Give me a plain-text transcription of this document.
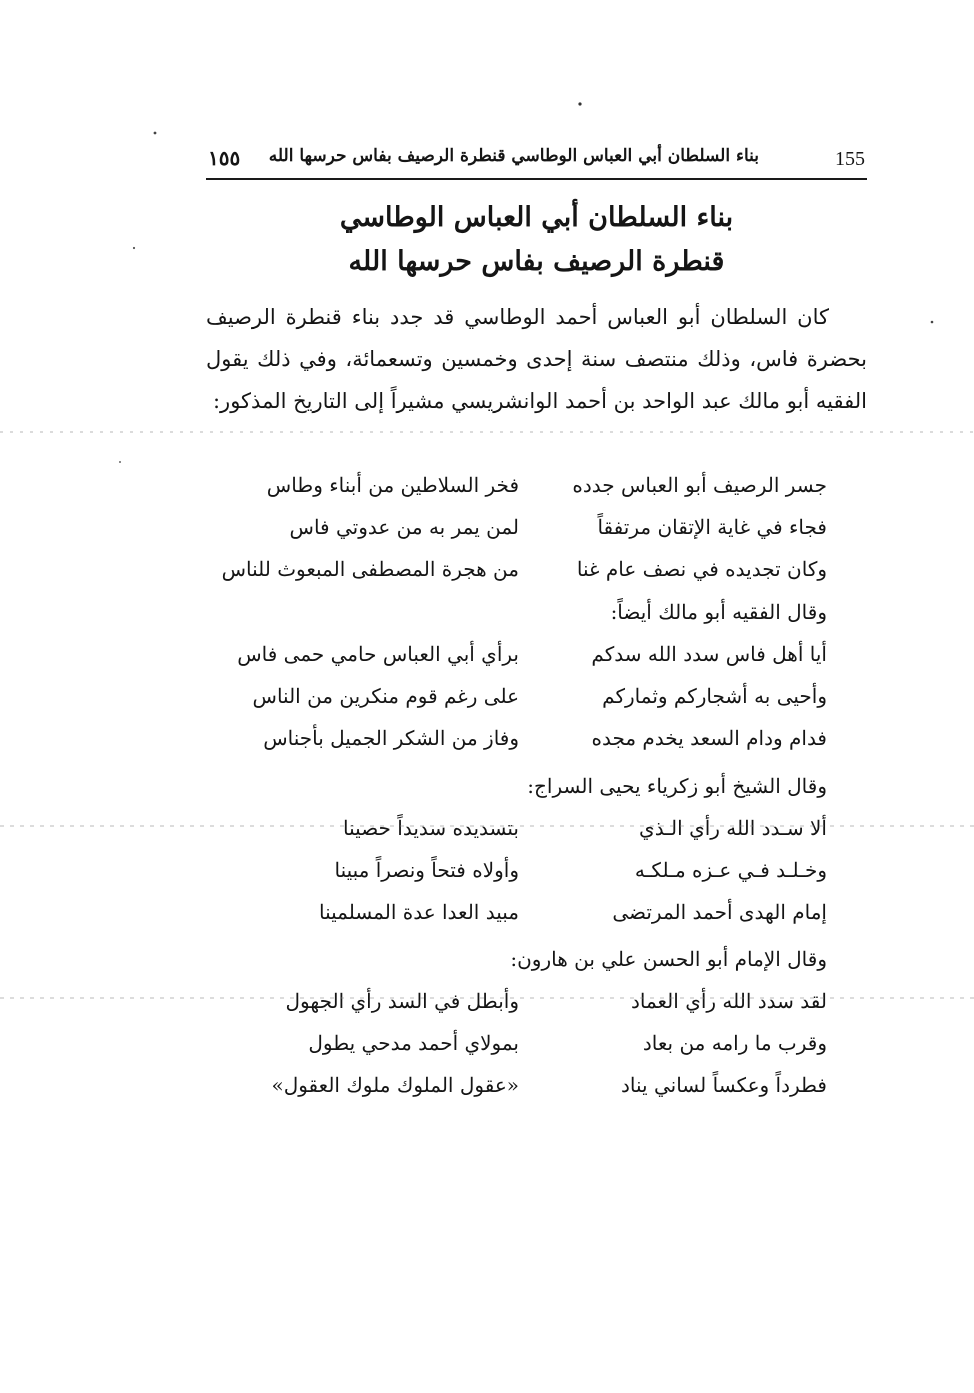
155
بناء السلطان أبي العباس الوطاسي قنطرة الرصيف بفاس حرسها الله
١٥٥
بناء السلطان أبي العباس الوطاسي
قنطرة الرصيف بفاس حرسها الله

كان السلطان أبو العباس أحمد الوطاسي قد جدد بناء قنطرة الرصيف بحضرة فاس، وذلك منتصف سنة إحدى وخمسين وتسعمائة، وفي ذلك يقول الفقيه أبو مالك عبد الواحد بن أحمد الوانشريسي مشيراً إلى التاريخ المذكور:

جسر الرصيف أبو العباس جدده
فخر السلاطين من أبناء وطاس
فجاء في غاية الإتقان مرتفقاً
لمن يمر به من عدوتي فاس
وكان تجديده في نصف عام غنا
من هجرة المصطفى المبعوث للناس
وقال الفقيه أبو مالك أيضاً:
أيا أهل فاس سدد الله سدكم
برأي أبي العباس حامي حمى فاس
وأحيى به أشجاركم وثماركم
على رغم قوم منكرين من الناس
فدام ودام السعد يخدم مجده
وفاز من الشكر الجميل بأجناس
وقال الشيخ أبو زكرياء يحيى السراج:
ألا سـدد الله رأي الـذي
بتسديده سديداً حصينا
وخـلـد فـي عـزه مـلكـه
وأولاه فتحاً ونصراً مبينا
إمام الهدى أحمد المرتضى
مبيد العدا عدة المسلمينا
وقال الإمام أبو الحسن علي بن هارون:
لقد سدد الله رأي العماد
وأبطل في السد رأي الجهول
وقرب ما رامه من بعاد
بمولاي أحمد مدحي يطول
فطرداً وعكساً لساني يناد
«عقول الملوك ملوك العقول»
